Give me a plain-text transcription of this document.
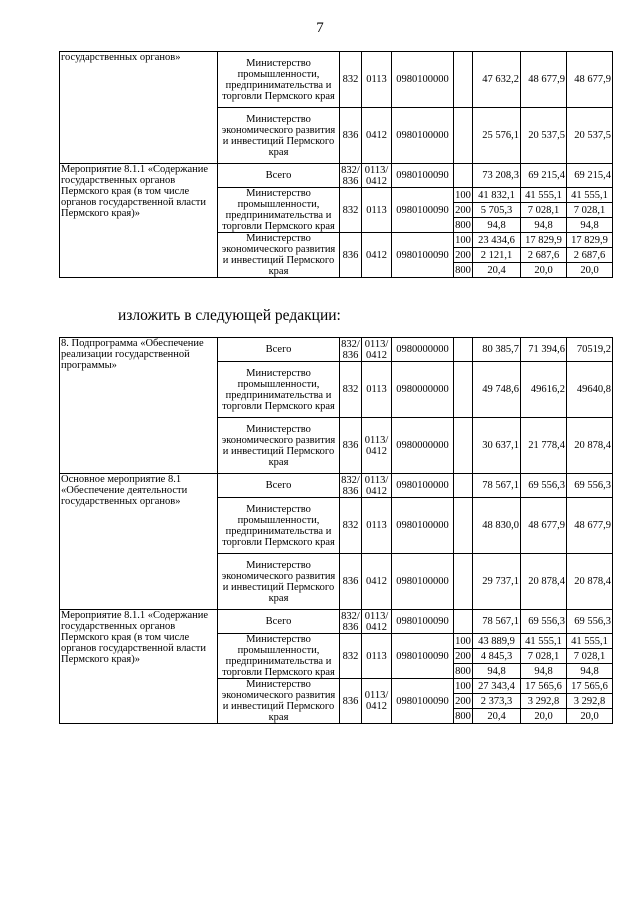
7
государственных органов»	Министерство промышленности, предпринимательства и торговли Пермского края	832	0113	0980100000		47 632,2	48 677,9	48 677,9
	Министерство экономического развития и инвестиций Пермского края	836	0412	0980100000		25 576,1	20 537,5	20 537,5
Мероприятие 8.1.1 «Содержание государственных органов Пермского края (в том числе органов государственной власти Пермского края)»	Всего	832/ 836	0113/ 0412	0980100090		73 208,3	69 215,4	69 215,4
	Министерство промышленности, предпринимательства и торговли Пермского края	832	0113	0980100090	100	41 832,1	41 555,1	41 555,1
					200	5 705,3	7 028,1	7 028,1
					800	94,8	94,8	94,8
	Министерство экономического развития и инвестиций Пермского края	836	0412	0980100090	100	23 434,6	17 829,9	17 829,9
					200	2 121,1	2 687,6	2 687,6
					800	20,4	20,0	20,0
изложить в следующей редакции:
8. Подпрограмма «Обеспечение реализации государственной программы»	Всего	832/ 836	0113/ 0412	0980000000		80 385,7	71 394,6	70519,2
	Министерство промышленности, предпринимательства и торговли Пермского края	832	0113	0980000000		49 748,6	49616,2	49640,8
	Министерство экономического развития и инвестиций Пермского края	836	0113/ 0412	0980000000		30 637,1	21 778,4	20 878,4
Основное мероприятие 8.1 «Обеспечение деятельности государственных органов»	Всего	832/ 836	0113/ 0412	0980100000		78 567,1	69 556,3	69 556,3
	Министерство промышленности, предпринимательства и торговли Пермского края	832	0113	0980100000		48 830,0	48 677,9	48 677,9
	Министерство экономического развития и инвестиций Пермского края	836	0412	0980100000		29 737,1	20 878,4	20 878,4
Мероприятие 8.1.1 «Содержание государственных органов Пермского края (в том числе органов государственной власти Пермского края)»	Всего	832/ 836	0113/ 0412	0980100090		78 567,1	69 556,3	69 556,3
	Министерство промышленности, предпринимательства и торговли Пермского края	832	0113	0980100090	100	43 889,9	41 555,1	41 555,1
					200	4 845,3	7 028,1	7 028,1
					800	94,8	94,8	94,8
	Министерство экономического развития и инвестиций Пермского края	836	0113/ 0412	0980100090	100	27 343,4	17 565,6	17 565,6
					200	2 373,3	3 292,8	3 292,8
					800	20,4	20,0	20,0
